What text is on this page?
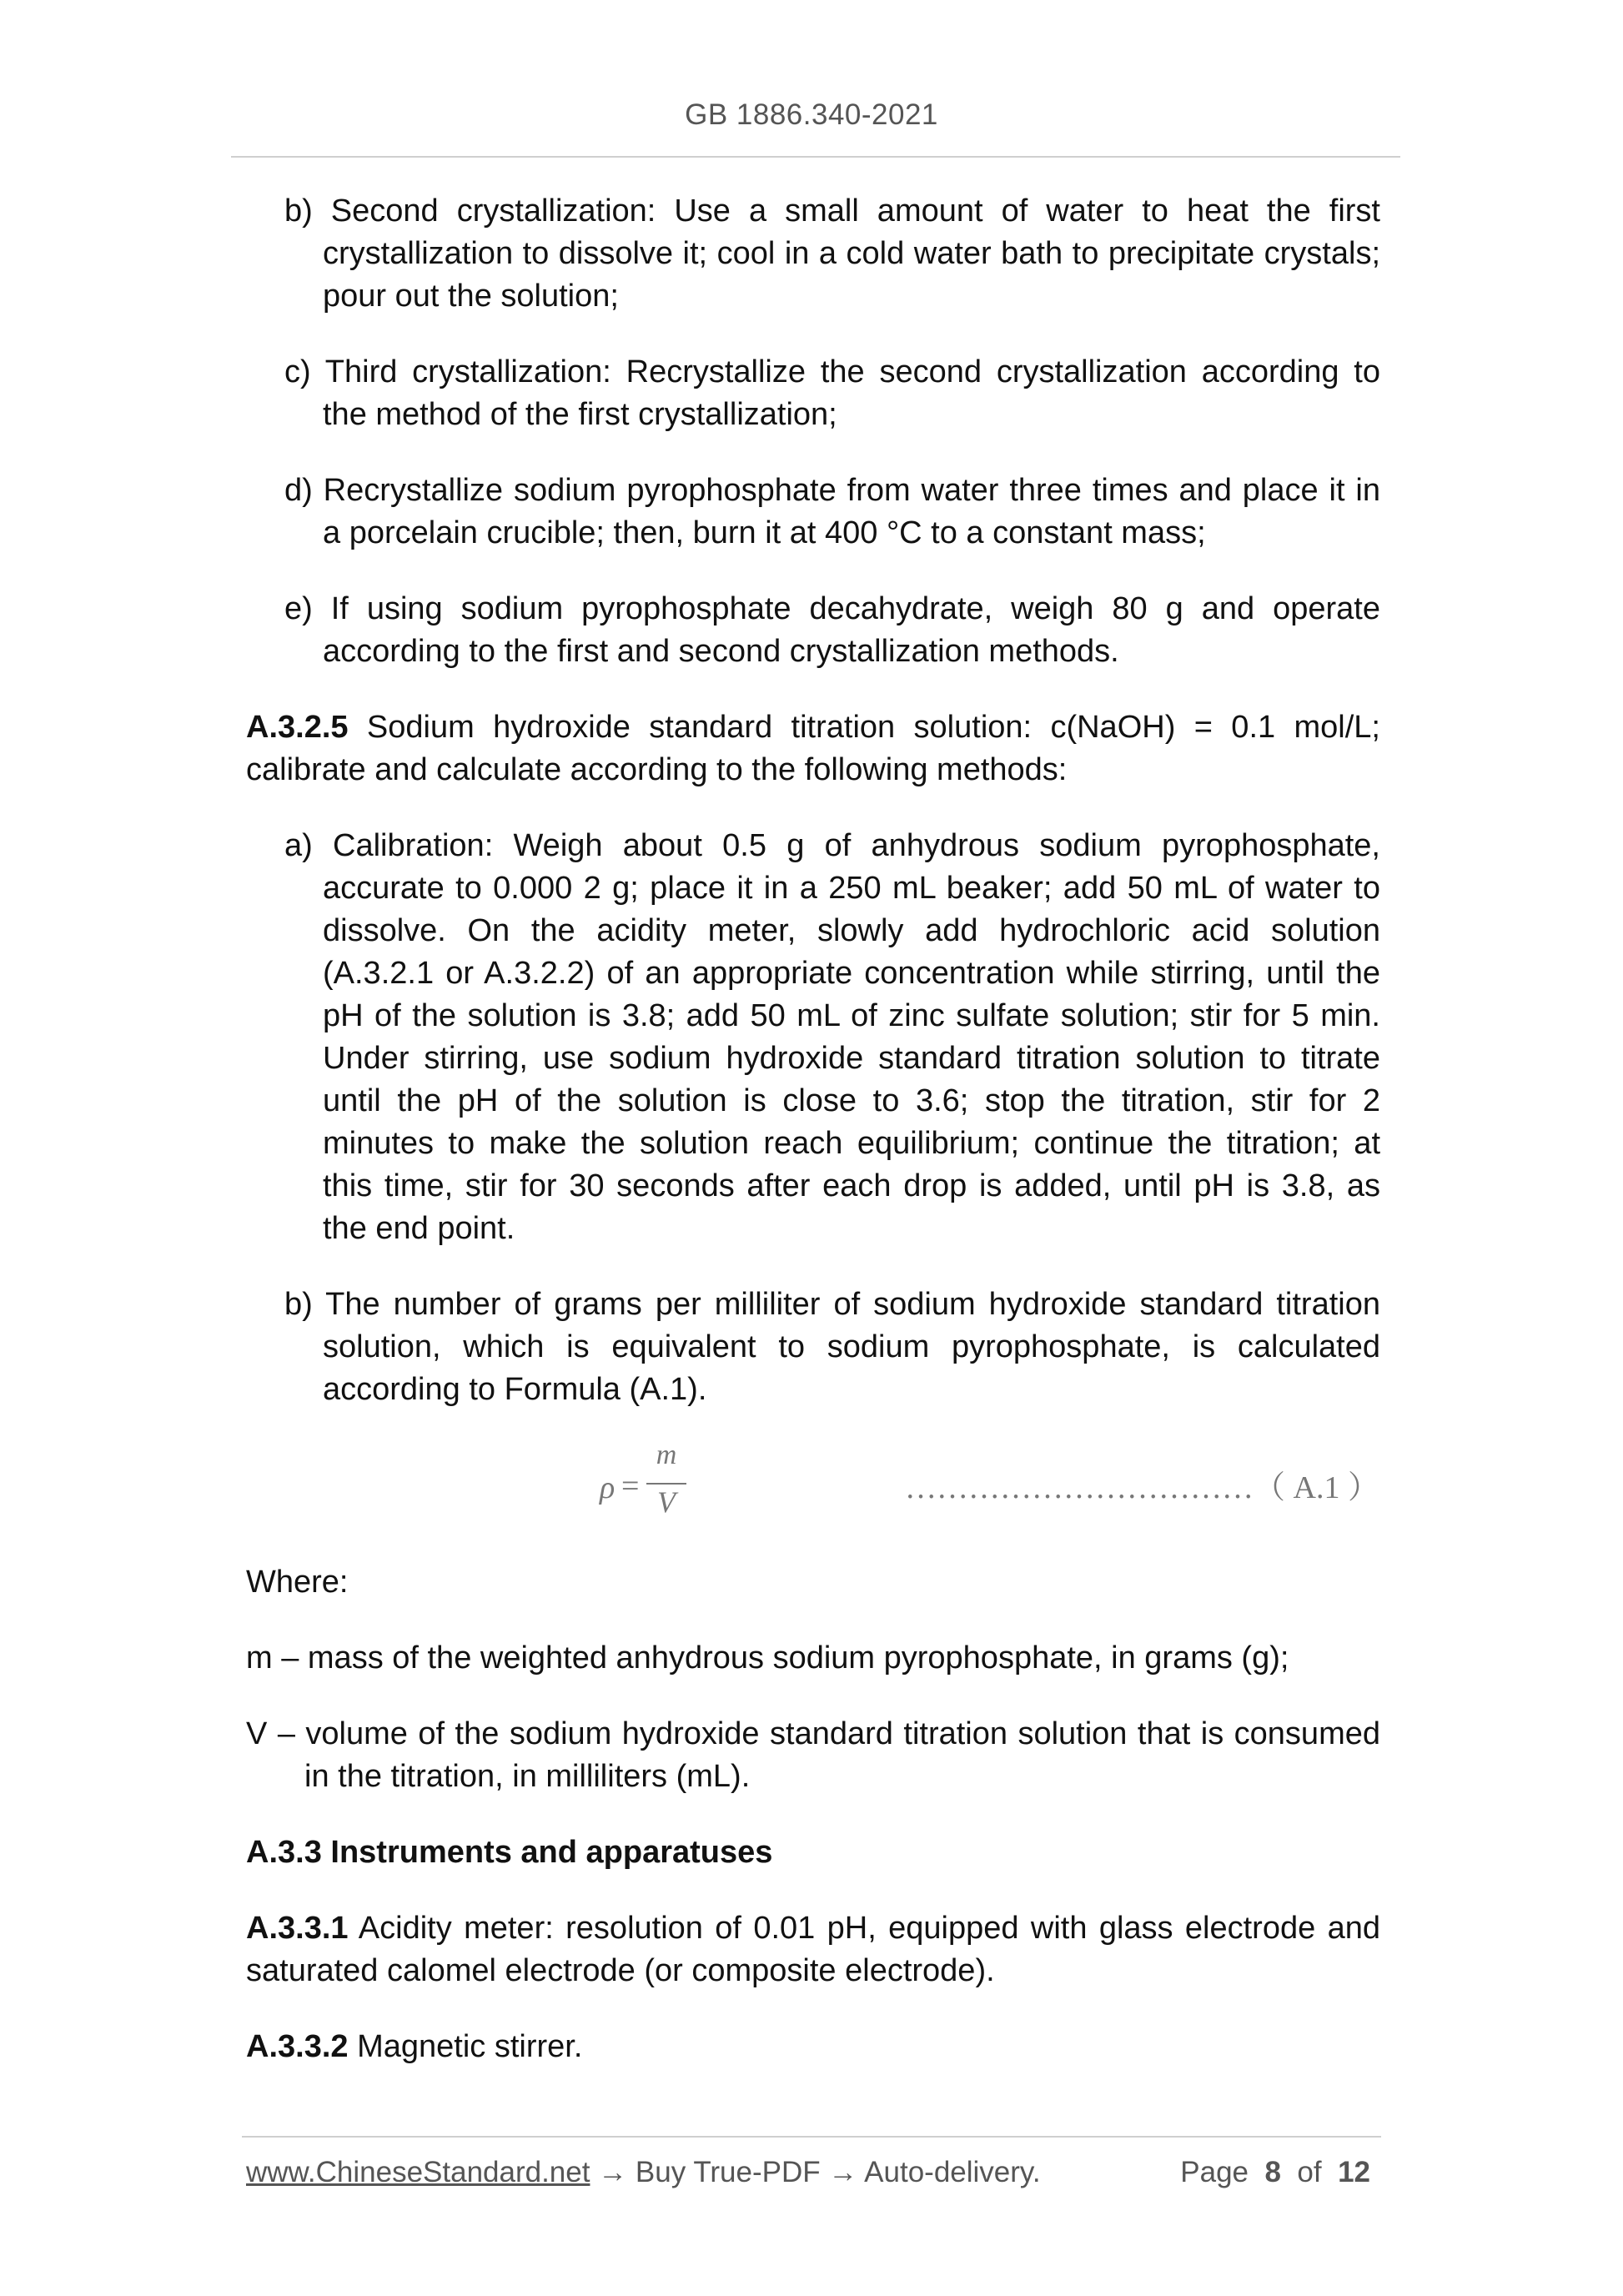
GB 1886.340-2021
b) Second crystallization: Use a small amount of water to heat the first crystallization to dissolve it; cool in a cold water bath to precipitate crystals; pour out the solution;
c) Third crystallization: Recrystallize the second crystallization according to the method of the first crystallization;
d) Recrystallize sodium pyrophosphate from water three times and place it in a porcelain crucible; then, burn it at 400 °C to a constant mass;
e) If using sodium pyrophosphate decahydrate, weigh 80 g and operate according to the first and second crystallization methods.
A.3.2.5 Sodium hydroxide standard titration solution: c(NaOH) = 0.1 mol/L; calibrate and calculate according to the following methods:
a) Calibration: Weigh about 0.5 g of anhydrous sodium pyrophosphate, accurate to 0.000 2 g; place it in a 250 mL beaker; add 50 mL of water to dissolve. On the acidity meter, slowly add hydrochloric acid solution (A.3.2.1 or A.3.2.2) of an appropriate concentration while stirring, until the pH of the solution is 3.8; add 50 mL of zinc sulfate solution; stir for 5 min. Under stirring, use sodium hydroxide standard titration solution to titrate until the pH of the solution is close to 3.6; stop the titration, stir for 2 minutes to make the solution reach equilibrium; continue the titration; at this time, stir for 30 seconds after each drop is added, until pH is 3.8, as the end point.
b) The number of grams per milliliter of sodium hydroxide standard titration solution, which is equivalent to sodium pyrophosphate, is calculated according to Formula (A.1).
ρ =
m
V	……………………………（ A.1 ）
Where:
m – mass of the weighted anhydrous sodium pyrophosphate, in grams (g);
V – volume of the sodium hydroxide standard titration solution that is consumed in the titration, in milliliters (mL).
A.3.3 Instruments and apparatuses
A.3.3.1 Acidity meter: resolution of 0.01 pH, equipped with glass electrode and saturated calomel electrode (or composite electrode).
A.3.3.2 Magnetic stirrer.
www.ChineseStandard.net → Buy True-PDF → Auto-delivery.	Page 8 of 12
